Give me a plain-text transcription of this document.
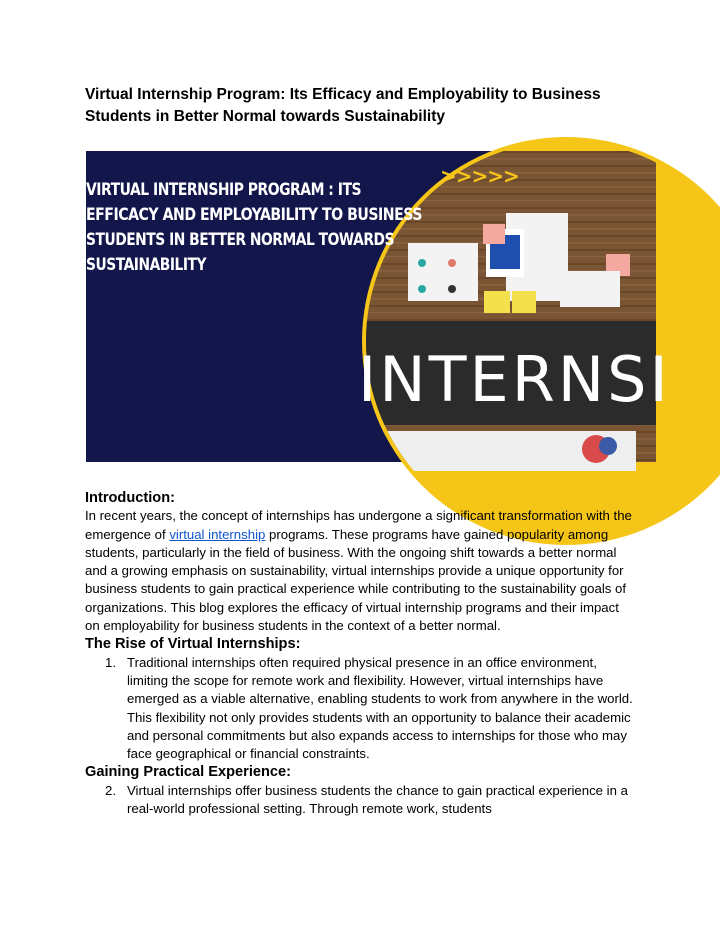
Virtual Internship Program: Its Efficacy and Employability to Business Students in Better Normal towards Sustainability
INTERNSI
>>>>>
VIRTUAL INTERNSHIP PROGRAM : ITS
EFFICACY AND EMPLOYABILITY TO BUSINESS
STUDENTS IN BETTER NORMAL TOWARDS
SUSTAINABILITY
Introduction:

In recent years, the concept of internships has undergone a significant transformation with the emergence of virtual internship programs. These programs have gained popularity among students, particularly in the field of business. With the ongoing shift towards a better normal and a growing emphasis on sustainability, virtual internships provide a unique opportunity for business students to gain practical experience while contributing to the sustainability goals of organizations. This blog explores the efficacy of virtual internship programs and their impact on employability for business students in the context of a better normal.

The Rise of Virtual Internships:
1. Traditional internships often required physical presence in an office environment, limiting the scope for remote work and flexibility. However, virtual internships have emerged as a viable alternative, enabling students to work from anywhere in the world. This flexibility not only provides students with an opportunity to balance their academic and personal commitments but also expands access to internships for those who may face geographical or financial constraints.
Gaining Practical Experience:
2. Virtual internships offer business students the chance to gain practical experience in a real-world professional setting. Through remote work, students
